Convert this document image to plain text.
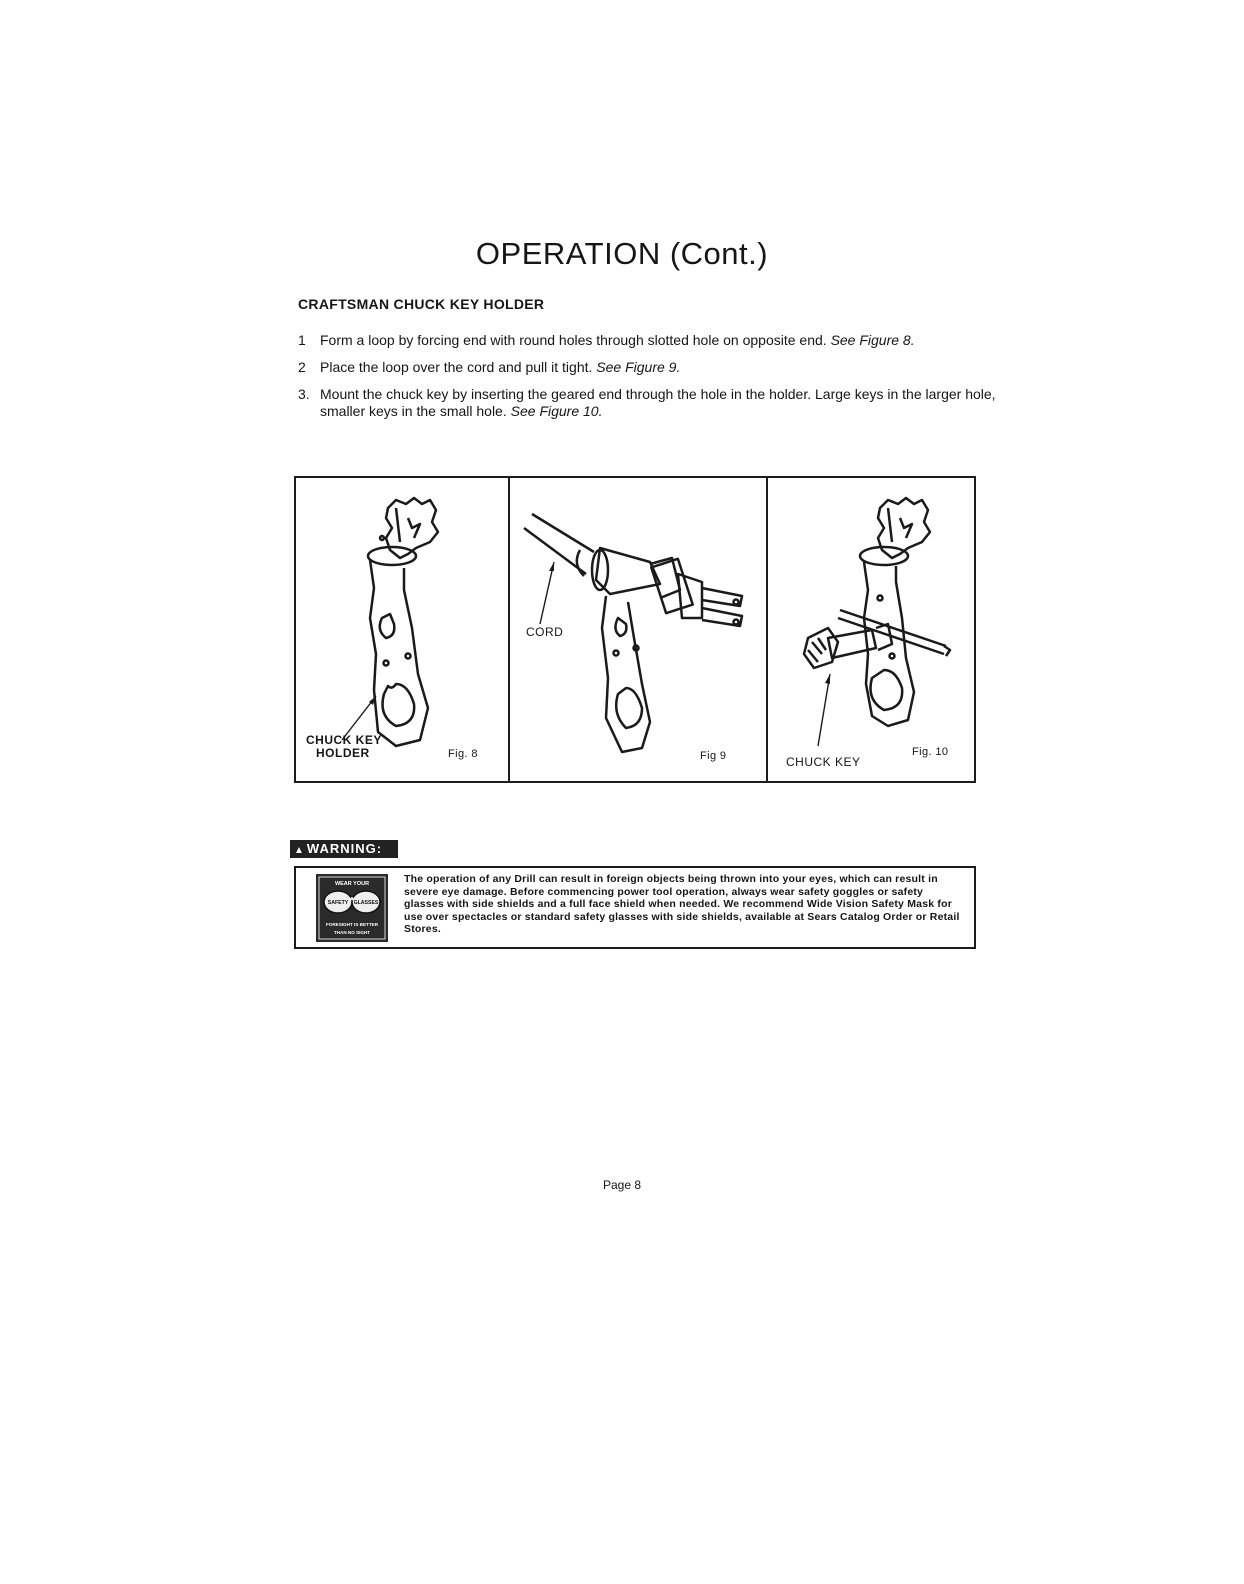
OPERATION (Cont.)
CRAFTSMAN CHUCK KEY HOLDER
1 Form a loop by forcing end with round holes through slotted hole on opposite end. See Figure 8.
2 Place the loop over the cord and pull it tight. See Figure 9.
3. Mount the chuck key by inserting the geared end through the hole in the holder. Large keys in the larger hole, smaller keys in the small hole. See Figure 10.
CHUCK KEY
HOLDER	Fig. 8
CORD
Fig 9	CHUCK KEY
Fig. 10
▲ WARNING:
WEAR YOUR
SAFETY GLASSES
FORESIGHT IS BETTER
THAN NO SIGHT
The operation of any Drill can result in foreign objects being thrown into your eyes, which can result in severe eye damage. Before commencing power tool operation, always wear safety goggles or safety glasses with side shields and a full face shield when needed. We recommend Wide Vision Safety Mask for use over spectacles or standard safety glasses with side shields, available at Sears Catalog Order or Retail Stores.
Page 8
